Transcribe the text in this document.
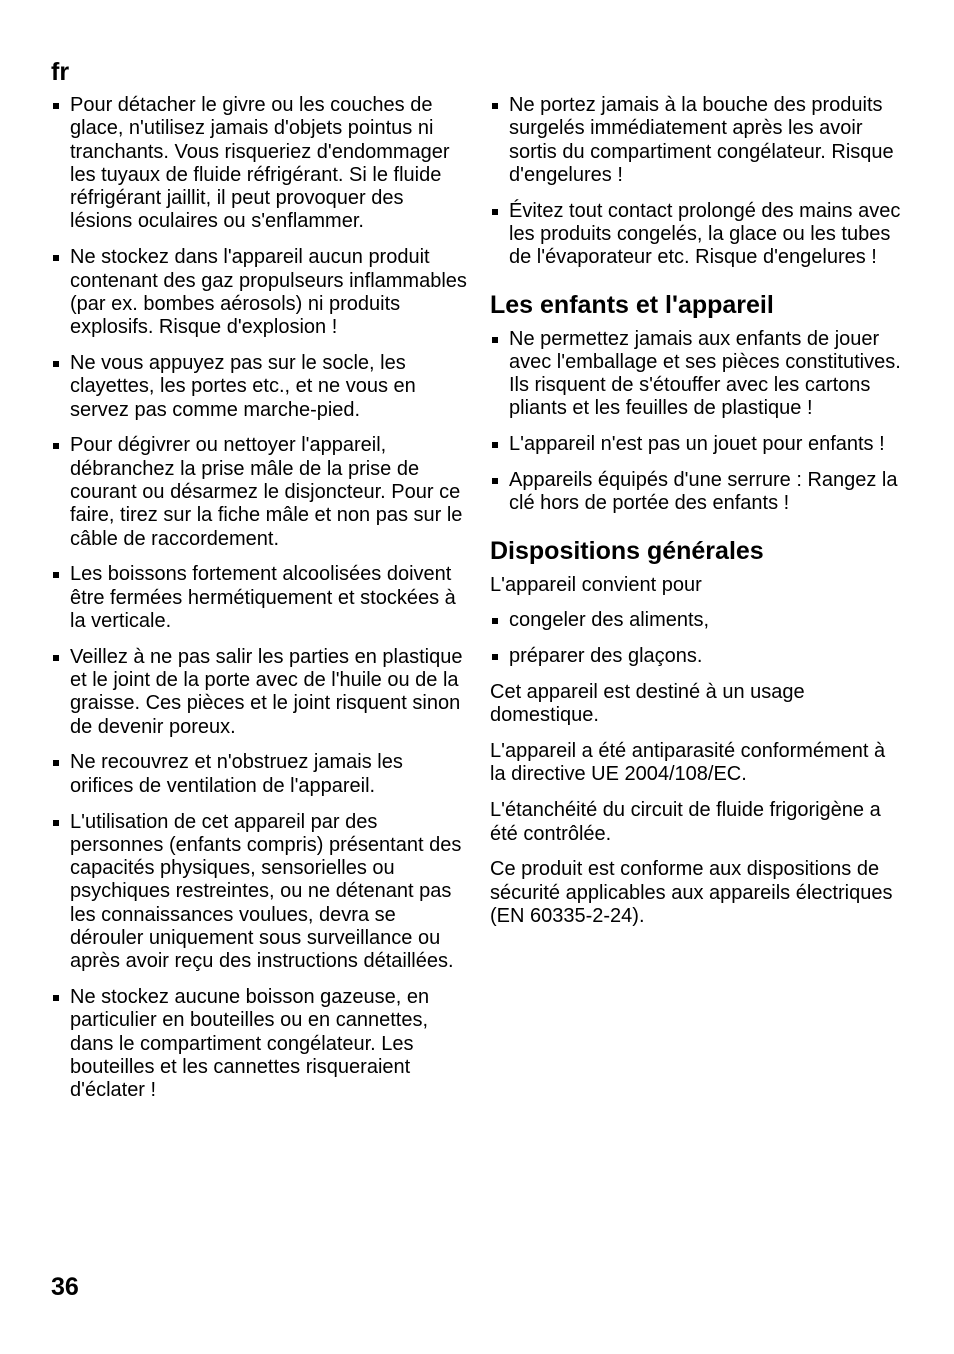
fr
Pour détacher le givre ou les couches de glace, n'utilisez jamais d'objets pointus ni tranchants. Vous risqueriez d'endommager les tuyaux de fluide réfrigérant. Si le fluide réfrigérant jaillit, il peut provoquer des lésions oculaires ou s'enflammer.
Ne stockez dans l'appareil aucun produit contenant des gaz propulseurs inflammables (par ex. bombes aérosols) ni produits explosifs. Risque d'explosion !
Ne vous appuyez pas sur le socle, les clayettes, les portes etc., et ne vous en servez pas comme marche-pied.
Pour dégivrer ou nettoyer l'appareil, débranchez la prise mâle de la prise de courant ou désarmez le disjoncteur. Pour ce faire, tirez sur la fiche mâle et non pas sur le câble de raccordement.
Les boissons fortement alcoolisées doivent être fermées hermétiquement et stockées à la verticale.
Veillez à ne pas salir les parties en plastique et le joint de la porte avec de l'huile ou de la graisse. Ces pièces et le joint risquent sinon de devenir poreux.
Ne recouvrez et n'obstruez jamais les orifices de ventilation de l'appareil.
L'utilisation de cet appareil par des personnes (enfants compris) présentant des capacités physiques, sensorielles ou psychiques restreintes, ou ne détenant pas les connaissances voulues, devra se dérouler uniquement sous surveillance ou après avoir reçu des instructions détaillées.
Ne stockez aucune boisson gazeuse, en particulier en bouteilles ou en cannettes, dans le compartiment congélateur. Les bouteilles et les cannettes risqueraient d'éclater !
Ne portez jamais à la bouche des produits surgelés immédiatement après les avoir sortis du compartiment congélateur. Risque d'engelures !
Évitez tout contact prolongé des mains avec les produits congelés, la glace ou les tubes de l'évaporateur etc. Risque d'engelures !
Les enfants et l'appareil
Ne permettez jamais aux enfants de jouer avec l'emballage et ses pièces constitutives. Ils risquent de s'étouffer avec les cartons pliants et les feuilles de plastique !
L'appareil n'est pas un jouet pour enfants !
Appareils équipés d'une serrure : Rangez la clé hors de portée des enfants !
Dispositions générales

L'appareil convient pour

congeler des aliments,
préparer des glaçons.

Cet appareil est destiné à un usage domestique.

L'appareil a été antiparasité conformément à la directive UE 2004/108/EC.

L'étanchéité du circuit de fluide frigorigène a été contrôlée.

Ce produit est conforme aux dispositions de sécurité applicables aux appareils électriques (EN 60335-2-24).

36
